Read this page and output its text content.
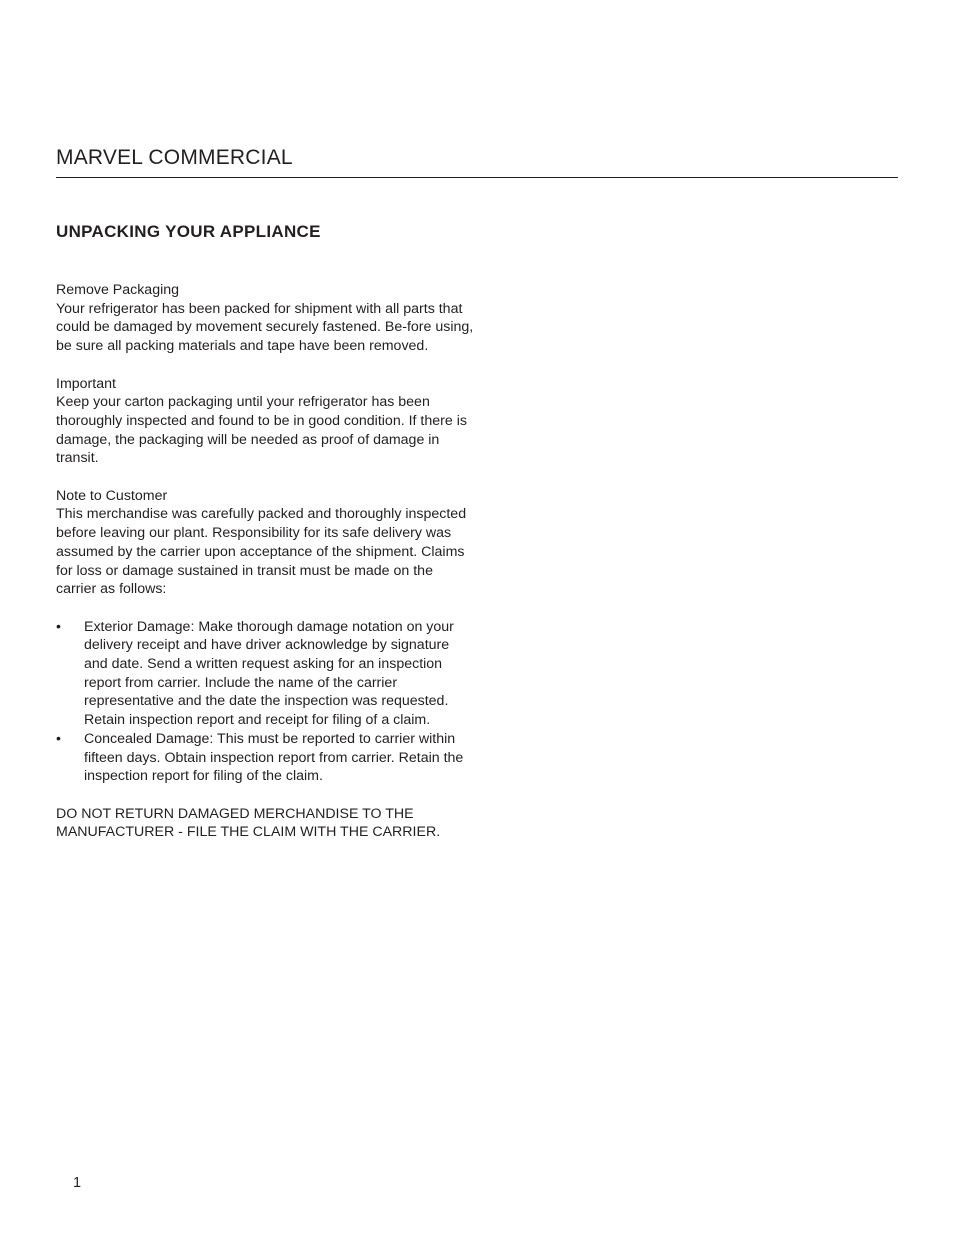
MARVEL COMMERCIAL
UNPACKING YOUR APPLIANCE
Remove Packaging

Your refrigerator has been packed for shipment with all parts that could be damaged by movement securely fastened. Be-fore using, be sure all packing materials and tape have been removed.

Important

Keep your carton packaging until your refrigerator has been thoroughly inspected and found to be in good condition. If there is damage, the packaging will be needed as proof of damage in transit.

Note to Customer

This merchandise was carefully packed and thoroughly inspected before leaving our plant. Responsibility for its safe delivery was assumed by the carrier upon acceptance of the shipment. Claims for loss or damage sustained in transit must be made on the carrier as follows:

• Exterior Damage: Make thorough damage notation on your delivery receipt and have driver acknowledge by signature and date. Send a written request asking for an inspection report from carrier. Include the name of the carrier representative and the date the inspection was requested. Retain inspection report and receipt for filing of a claim.
• Concealed Damage: This must be reported to carrier within fifteen days. Obtain inspection report from carrier. Retain the inspection report for filing of the claim.

DO NOT RETURN DAMAGED MERCHANDISE TO THE MANUFACTURER - FILE THE CLAIM WITH THE CARRIER.

1
